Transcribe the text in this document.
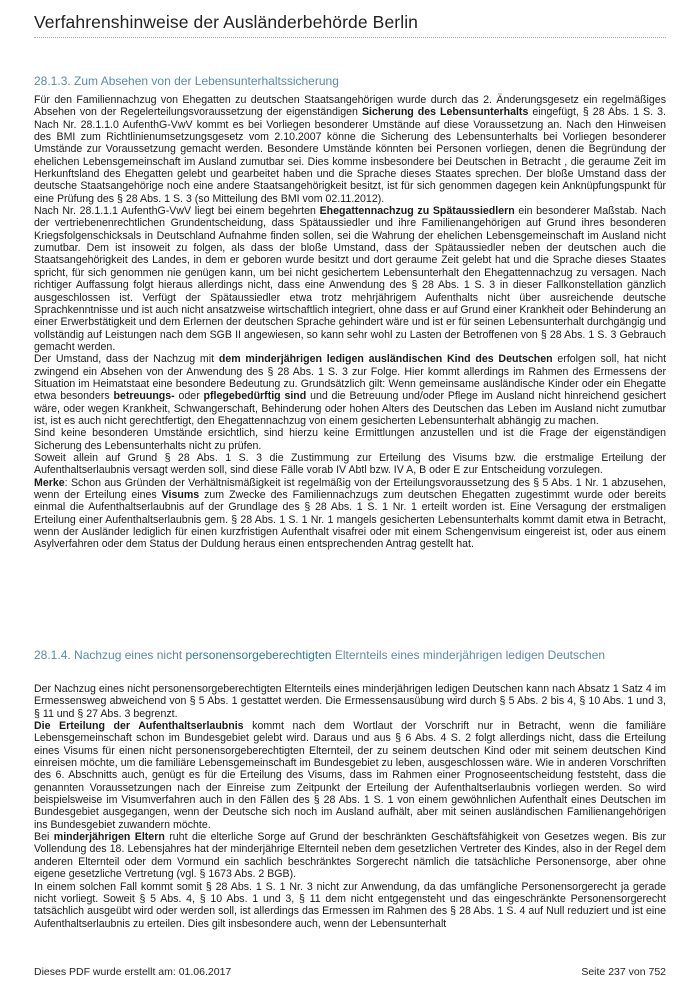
Verfahrenshinweise der Ausländerbehörde Berlin
28.1.3. Zum Absehen von der Lebensunterhaltssicherung

Für den Familiennachzug von Ehegatten zu deutschen Staatsangehörigen wurde durch das 2. Änderungsgesetz ein regelmäßiges Absehen von der Regelerteilungsvoraussetzung der eigenständigen Sicherung des Lebensunterhalts eingefügt, § 28 Abs. 1 S. 3. Nach Nr. 28.1.1.0 AufenthG-VwV kommt es bei Vorliegen besonderer Umstände auf diese Voraussetzung an. Nach den Hinweisen des BMI zum Richtlinienumsetzungsgesetz vom 2.10.2007 könne die Sicherung des Lebensunterhalts bei Vorliegen besonderer Umstände zur Voraussetzung gemacht werden. Besondere Umstände könnten bei Personen vorliegen, denen die Begründung der ehelichen Lebensgemeinschaft im Ausland zumutbar sei. Dies komme insbesondere bei Deutschen in Betracht , die geraume Zeit im Herkunftsland des Ehegatten gelebt und gearbeitet haben und die Sprache dieses Staates sprechen. Der bloße Umstand dass der deutsche Staatsangehörige noch eine andere Staatsangehörigkeit besitzt, ist für sich genommen dagegen kein Anknüpfungspunkt für eine Prüfung des § 28 Abs. 1 S. 3 (so Mitteilung des BMI vom 02.11.2012).

Nach Nr. 28.1.1.1 AufenthG-VwV liegt bei einem begehrten Ehegattennachzug zu Spätaussiedlern ein besonderer Maßstab. Nach der vertriebenenrechtlichen Grundentscheidung, dass Spätaussiedler und ihre Familienangehörigen auf Grund ihres besonderen Kriegsfolgenschicksals in Deutschland Aufnahme finden sollen, sei die Wahrung der ehelichen Lebensgemeinschaft im Ausland nicht zumutbar. Dem ist insoweit zu folgen, als dass der bloße Umstand, dass der Spätaussiedler neben der deutschen auch die Staatsangehörigkeit des Landes, in dem er geboren wurde besitzt und dort geraume Zeit gelebt hat und die Sprache dieses Staates spricht, für sich genommen nie genügen kann, um bei nicht gesichertem Lebensunterhalt den Ehegattennachzug zu versagen. Nach richtiger Auffassung folgt hieraus allerdings nicht, dass eine Anwendung des § 28 Abs. 1 S. 3 in dieser Fallkonstellation gänzlich ausgeschlossen ist. Verfügt der Spätaussiedler etwa trotz mehrjährigem Aufenthalts nicht über ausreichende deutsche Sprachkenntnisse und ist auch nicht ansatzweise wirtschaftlich integriert, ohne dass er auf Grund einer Krankheit oder Behinderung an einer Erwerbstätigkeit und dem Erlernen der deutschen Sprache gehindert wäre und ist er für seinen Lebensunterhalt durchgängig und vollständig auf Leistungen nach dem SGB II angewiesen, so kann sehr wohl zu Lasten der Betroffenen von § 28 Abs. 1 S. 3 Gebrauch gemacht werden.

Der Umstand, dass der Nachzug mit dem minderjährigen ledigen ausländischen Kind des Deutschen erfolgen soll, hat nicht zwingend ein Absehen von der Anwendung des § 28 Abs. 1 S. 3 zur Folge. Hier kommt allerdings im Rahmen des Ermessens der Situation im Heimatstaat eine besondere Bedeutung zu. Grundsätzlich gilt: Wenn gemeinsame ausländische Kinder oder ein Ehegatte etwa besonders betreuungs- oder pflegebedürftig sind und die Betreuung und/oder Pflege im Ausland nicht hinreichend gesichert wäre, oder wegen Krankheit, Schwangerschaft, Behinderung oder hohen Alters des Deutschen das Leben im Ausland nicht zumutbar ist, ist es auch nicht gerechtfertigt, den Ehegattennachzug von einem gesicherten Lebensunterhalt abhängig zu machen.

Sind keine besonderen Umstände ersichtlich, sind hierzu keine Ermittlungen anzustellen und ist die Frage der eigenständigen Sicherung des Lebensunterhalts nicht zu prüfen.

Soweit allein auf Grund § 28 Abs. 1 S. 3 die Zustimmung zur Erteilung des Visums bzw. die erstmalige Erteilung der Aufenthaltserlaubnis versagt werden soll, sind diese Fälle vorab IV Abtl bzw. IV A, B oder E zur Entscheidung vorzulegen.

Merke: Schon aus Gründen der Verhältnismäßigkeit ist regelmäßig von der Erteilungsvoraussetzung des § 5 Abs. 1 Nr. 1 abzusehen, wenn der Erteilung eines Visums zum Zwecke des Familiennachzugs zum deutschen Ehegatten zugestimmt wurde oder bereits einmal die Aufenthaltserlaubnis auf der Grundlage des § 28 Abs. 1 S. 1 Nr. 1 erteilt worden ist. Eine Versagung der erstmaligen Erteilung einer Aufenthaltserlaubnis gem. § 28 Abs. 1 S. 1 Nr. 1 mangels gesicherten Lebensunterhalts kommt damit etwa in Betracht, wenn der Ausländer lediglich für einen kurzfristigen Aufenthalt visafrei oder mit einem Schengenvisum eingereist ist, oder aus einem Asylverfahren oder dem Status der Duldung heraus einen entsprechenden Antrag gestellt hat.

28.1.4. Nachzug eines nicht personensorgeberechtigten Elternteils eines minderjährigen ledigen Deutschen

Der Nachzug eines nicht personensorgeberechtigten Elternteils eines minderjährigen ledigen Deutschen kann nach Absatz 1 Satz 4 im Ermessensweg abweichend von § 5 Abs. 1 gestattet werden. Die Ermessensausübung wird durch § 5 Abs. 2 bis 4, § 10 Abs. 1 und 3, § 11 und § 27 Abs. 3 begrenzt.

Die Erteilung der Aufenthaltserlaubnis kommt nach dem Wortlaut der Vorschrift nur in Betracht, wenn die familiäre Lebensgemeinschaft schon im Bundesgebiet gelebt wird. Daraus und aus § 6 Abs. 4 S. 2 folgt allerdings nicht, dass die Erteilung eines Visums für einen nicht personensorgeberechtigten Elternteil, der zu seinem deutschen Kind oder mit seinem deutschen Kind einreisen möchte, um die familiäre Lebensgemeinschaft im Bundesgebiet zu leben, ausgeschlossen wäre. Wie in anderen Vorschriften des 6. Abschnitts auch, genügt es für die Erteilung des Visums, dass im Rahmen einer Prognoseentscheidung feststeht, dass die genannten Voraussetzungen nach der Einreise zum Zeitpunkt der Erteilung der Aufenthaltserlaubnis vorliegen werden. So wird beispielsweise im Visumverfahren auch in den Fällen des § 28 Abs. 1 S. 1 von einem gewöhnlichen Aufenthalt eines Deutschen im Bundesgebiet ausgegangen, wenn der Deutsche sich noch im Ausland aufhält, aber mit seinen ausländischen Familienangehörigen ins Bundesgebiet zuwandern möchte.

Bei minderjährigen Eltern ruht die elterliche Sorge auf Grund der beschränkten Geschäftsfähigkeit von Gesetzes wegen. Bis zur Vollendung des 18. Lebensjahres hat der minderjährige Elternteil neben dem gesetzlichen Vertreter des Kindes, also in der Regel dem anderen Elternteil oder dem Vormund ein sachlich beschränktes Sorgerecht nämlich die tatsächliche Personensorge, aber ohne eigene gesetzliche Vertretung (vgl. § 1673 Abs. 2 BGB).

In einem solchen Fall kommt somit § 28 Abs. 1 S. 1 Nr. 3 nicht zur Anwendung, da das umfängliche Personensorgerecht ja gerade nicht vorliegt. Soweit § 5 Abs. 4, § 10 Abs. 1 und 3, § 11 dem nicht entgegensteht und das eingeschränkte Personensorgerecht tatsächlich ausgeübt wird oder werden soll, ist allerdings das Ermessen im Rahmen des § 28 Abs. 1 S. 4 auf Null reduziert und ist eine Aufenthaltserlaubnis zu erteilen. Dies gilt insbesondere auch, wenn der Lebensunterhalt

Dieses PDF wurde erstellt am: 01.06.2017	Seite 237 von 752
